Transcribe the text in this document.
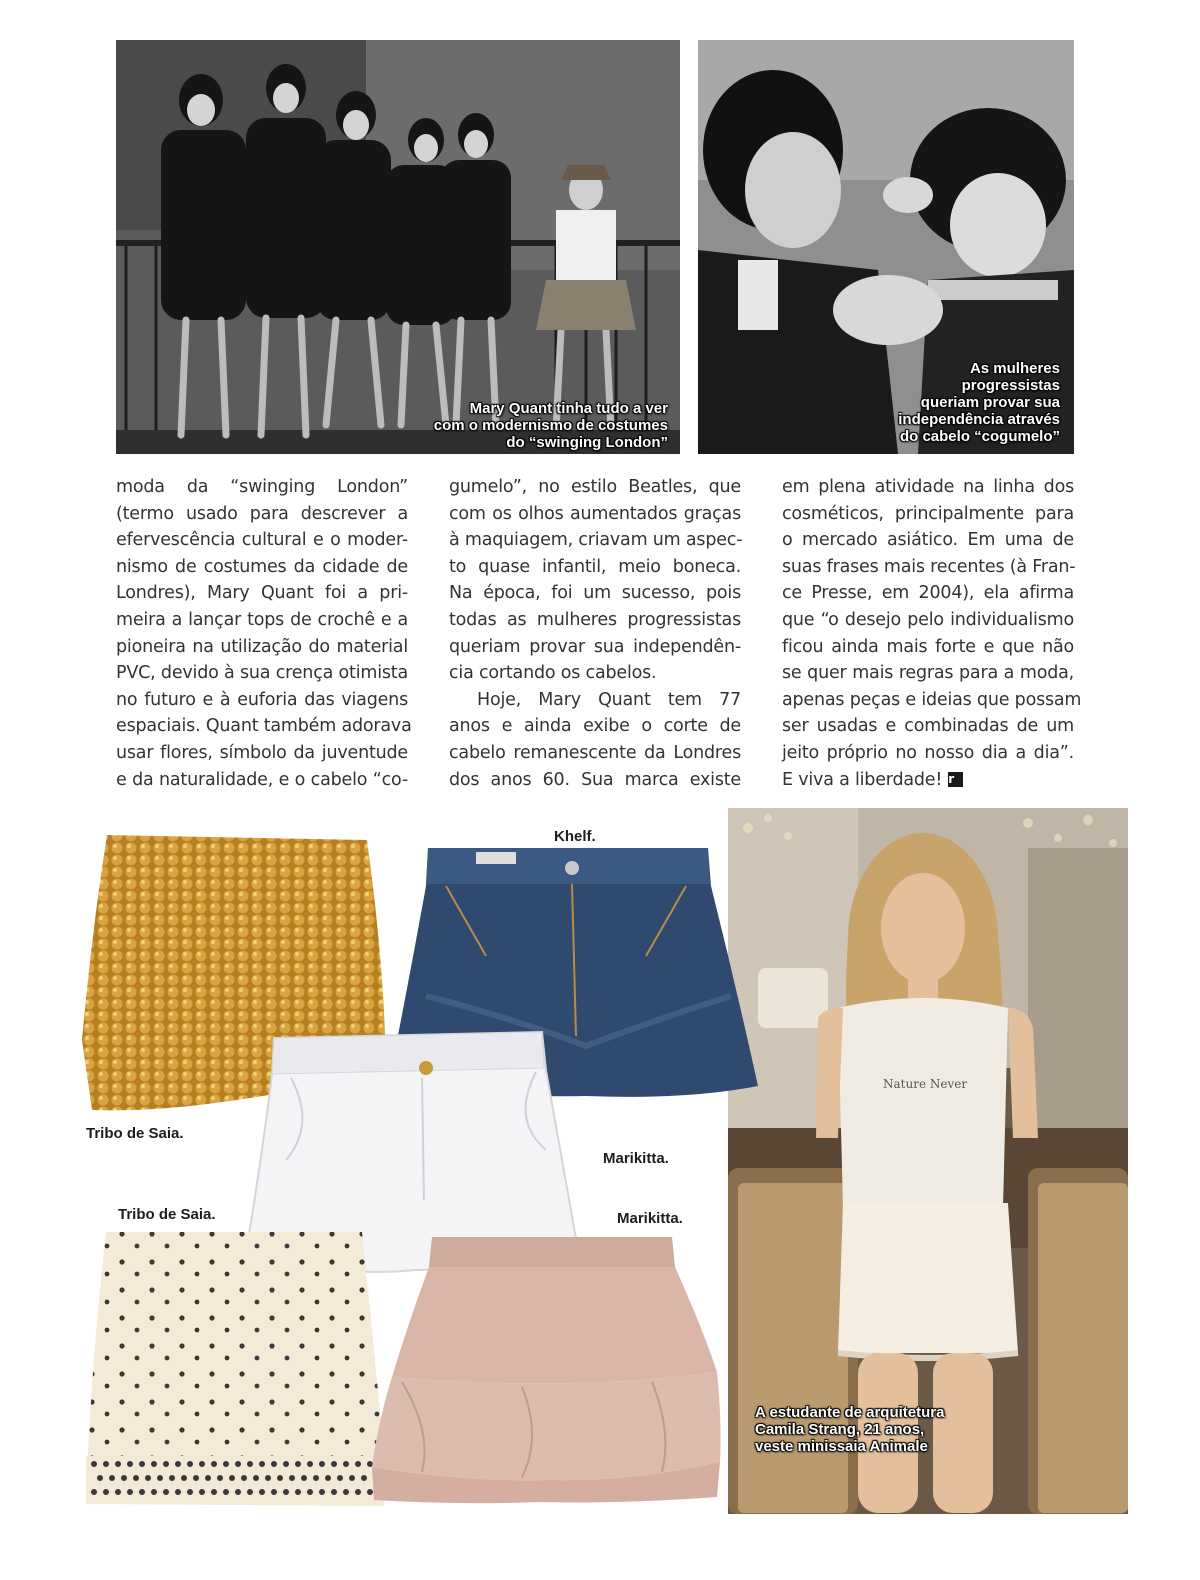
Mary Quant tinha tudo a ver
com o modernismo de costumes
do “swinging London”
As mulheres
progressistas
queriam provar sua
independência através
do cabelo “cogumelo”

moda da “swinging London”

(termo usado para descrever a

efervescência cultural e o moder-

nismo de costumes da cidade de

Londres), Mary Quant foi a pri-

meira a lançar tops de crochê e a

pioneira na utilização do material

PVC, devido à sua crença otimista

no futuro e à euforia das viagens

espaciais. Quant também adorava

usar flores, símbolo da juventude

e da naturalidade, e o cabelo “co-

gumelo”, no estilo Beatles, que

com os olhos aumentados graças

à maquiagem, criavam um aspec-

to quase infantil, meio boneca.

Na época, foi um sucesso, pois

todas as mulheres progressistas

queriam provar sua independên-

cia cortando os cabelos.

Hoje, Mary Quant tem 77

anos e ainda exibe o corte de

cabelo remanescente da Londres

dos anos 60. Sua marca existe

em plena atividade na linha dos

cosméticos, principalmente para

o mercado asiático. Em uma de

suas frases mais recentes (à Fran-

ce Presse, em 2004), ela afirma

que “o desejo pelo individualismo

ficou ainda mais forte e que não

se quer mais regras para a moda,

apenas peças e ideias que possam

ser usadas e combinadas de um

jeito próprio no nosso dia a dia”.

E viva a liberdade! r

Nature Never
A estudante de arquitetura
Camila Strang, 21 anos,
veste minissaia Animale
Tribo de Saia.
Khelf.
Marikitta.
Tribo de Saia.	Marikitta.
